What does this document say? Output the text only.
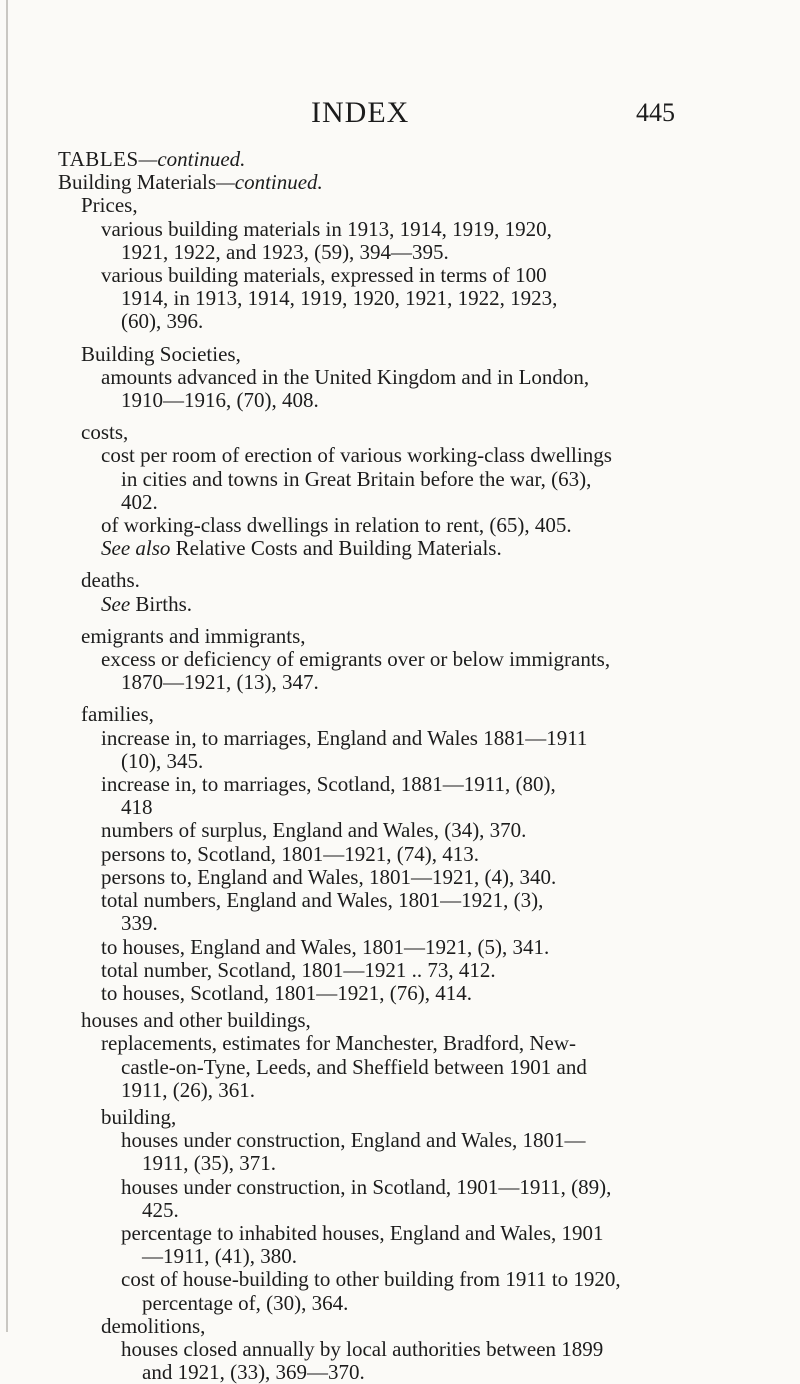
INDEX	445
TABLES—continued.
Building Materials—continued.
Prices,
various building materials in 1913, 1914, 1919, 1920,
1921, 1922, and 1923, (59), 394—395.
various building materials, expressed in terms of 100
1914, in 1913, 1914, 1919, 1920, 1921, 1922, 1923,
(60), 396.
Building Societies,
amounts advanced in the United Kingdom and in London,
1910—1916, (70), 408.
costs,
cost per room of erection of various working-class dwellings
in cities and towns in Great Britain before the war, (63),
402.
of working-class dwellings in relation to rent, (65), 405.
See also Relative Costs and Building Materials.
deaths.
See Births.
emigrants and immigrants,
excess or deficiency of emigrants over or below immigrants,
1870—1921, (13), 347.
families,
increase in, to marriages, England and Wales 1881—1911
(10), 345.
increase in, to marriages, Scotland, 1881—1911, (80),
418
numbers of surplus, England and Wales, (34), 370.
persons to, Scotland, 1801—1921, (74), 413.
persons to, England and Wales, 1801—1921, (4), 340.
total numbers, England and Wales, 1801—1921, (3),
339.
to houses, England and Wales, 1801—1921, (5), 341.
total number, Scotland, 1801—1921 .. 73, 412.
to houses, Scotland, 1801—1921, (76), 414.
houses and other buildings,
replacements, estimates for Manchester, Bradford, New-
castle-on-Tyne, Leeds, and Sheffield between 1901 and
1911, (26), 361.
building,
houses under construction, England and Wales, 1801—
1911, (35), 371.
houses under construction, in Scotland, 1901—1911, (89),
425.
percentage to inhabited houses, England and Wales, 1901
—1911, (41), 380.
cost of house-building to other building from 1911 to 1920,
percentage of, (30), 364.
demolitions,
houses closed annually by local authorities between 1899
and 1921, (33), 369—370.
